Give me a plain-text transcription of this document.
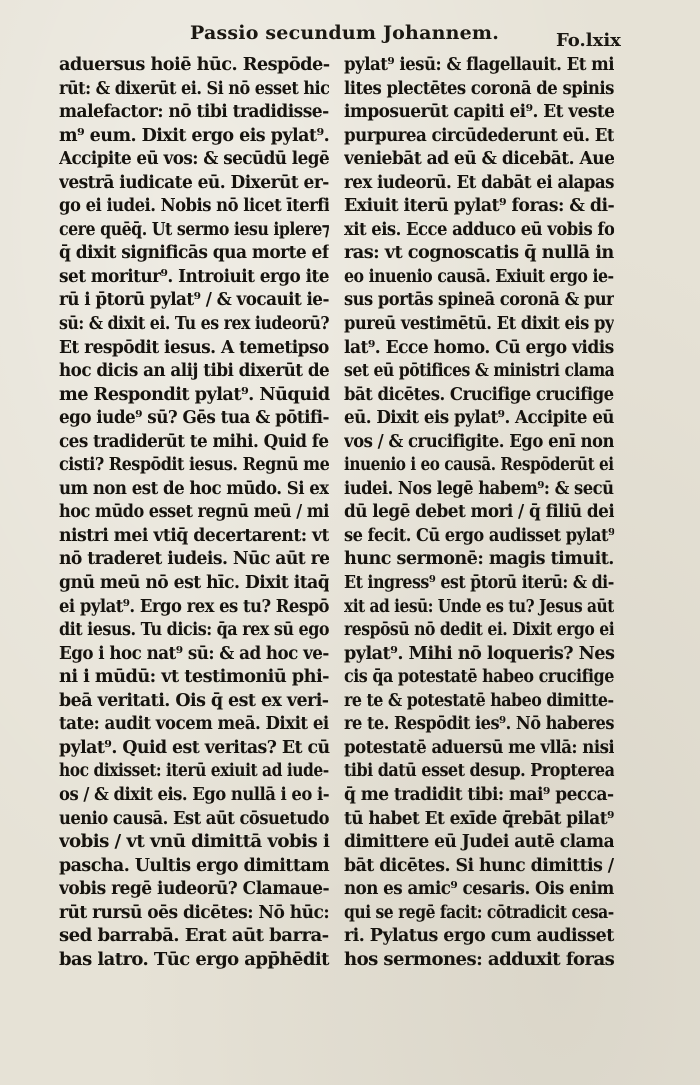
Passio secundum Johannem.	Fo.lxix
aduersus hoiē hūc. Respōde-
rūt: & dixerūt ei. Si nō esset hic
malefactor: nō tibi tradidisse-
m⁹ eum. Dixit ergo eis pylat⁹.
Accipite eū vos: & secūdū legē
vestrā iudicate eū. Dixerūt er-
go ei iudei. Nobis nō licet īterfi
cere quēq̄. Ut sermo iesu iplere⁊
q̄ dixit significās qua morte ef
set moritur⁹. Introiuit ergo ite
rū i p̄torū pylat⁹ / & vocauit ie-
sū: & dixit ei. Tu es rex iudeorū?
Et respōdit iesus. A temetipso
hoc dicis an alij tibi dixerūt de
me Respondit pylat⁹. Nūquid
ego iude⁹ sū? Gēs tua & pōtifi-
ces tradiderūt te mihi. Quid fe
cisti? Respōdit iesus. Regnū me
um non est de hoc mūdo. Si ex
hoc mūdo esset regnū meū / mi
nistri mei vtiq̄ decertarent: vt
nō traderet iudeis. Nūc aūt re
gnū meū nō est hīc. Dixit itaq̄
ei pylat⁹. Ergo rex es tu? Respō
dit iesus. Tu dicis: q̄a rex sū ego
Ego i hoc nat⁹ sū: & ad hoc ve-
ni i mūdū: vt testimoniū phi-
beā veritati. Ois q̄ est ex veri-
tate: audit vocem meā. Dixit ei
pylat⁹. Quid est veritas? Et cū
hoc dixisset: iterū exiuit ad iude-
os / & dixit eis. Ego nullā i eo i-
uenio causā. Est aūt cōsuetudo
vobis / vt vnū dimittā vobis i
pascha. Uultis ergo dimittam
vobis regē iudeorū? Clamaue-
rūt rursū oēs dicētes: Nō hūc:
sed barrabā. Erat aūt barra-
bas latro. Tūc ergo app̄hēdit
pylat⁹ iesū: & flagellauit. Et mi
lites plectētes coronā de spinis
imposuerūt capiti ei⁹. Et veste
purpurea circūdederunt eū. Et
veniebāt ad eū & dicebāt. Aue
rex iudeorū. Et dabāt ei alapas
Exiuit iterū pylat⁹ foras: & di-
xit eis. Ecce adduco eū vobis fo
ras: vt cognoscatis q̄ nullā in
eo inuenio causā. Exiuit ergo ie-
sus portās spineā coronā & pur
pureū vestimētū. Et dixit eis py
lat⁹. Ecce homo. Cū ergo vidis
set eū pōtifices & ministri clama
bāt dicētes. Crucifige crucifige
eū. Dixit eis pylat⁹. Accipite eū
vos / & crucifigite. Ego enī non
inuenio i eo causā. Respōderūt ei
iudei. Nos legē habem⁹: & secū
dū legē debet mori / q̄ filiū dei
se fecit. Cū ergo audisset pylat⁹
hunc sermonē: magis timuit.
Et ingress⁹ est p̄torū iterū: & di-
xit ad iesū: Unde es tu? Jesus aūt
respōsū nō dedit ei. Dixit ergo ei
pylat⁹. Mihi nō loqueris? Nes
cis q̄a potestatē habeo crucifige
re te & potestatē habeo dimitte-
re te. Respōdit ies⁹. Nō haberes
potestatē aduersū me vllā: nisi
tibi datū esset desup. Propterea
q̄ me tradidit tibi: mai⁹ pecca-
tū habet Et exīde q̄rebāt pilat⁹
dimittere eū Judei autē clama
bāt dicētes. Si hunc dimittis /
non es amic⁹ cesaris. Ois enim
qui se regē facit: cōtradicit cesa-
ri. Pylatus ergo cum audisset
hos sermones: adduxit foras
